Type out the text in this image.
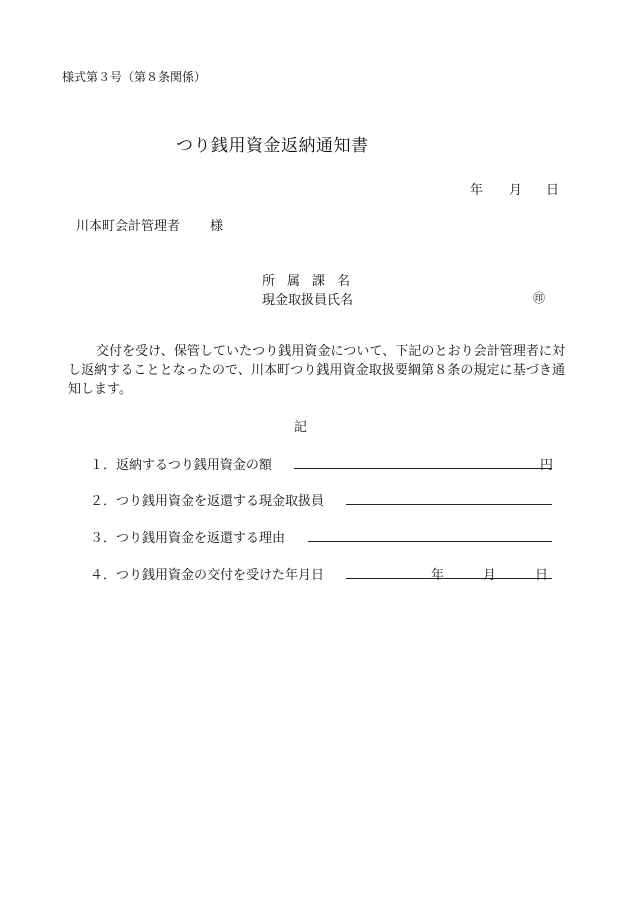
様式第３号（第８条関係）
つり銭用資金返納通知書
年 月 日
川本町会計管理者 様
所属課名
現金取扱員氏名	㊞
交付を受け、保管していたつり銭用資金について、下記のとおり会計管理者に対し返納することとなったので、川本町つり銭用資金取扱要綱第８条の規定に基づき通知します。
記
１．返納するつり銭用資金の額	円
２．つり銭用資金を返還する現金取扱員
３．つり銭用資金を返還する理由
４．つり銭用資金の交付を受けた年月日	年	月	日
